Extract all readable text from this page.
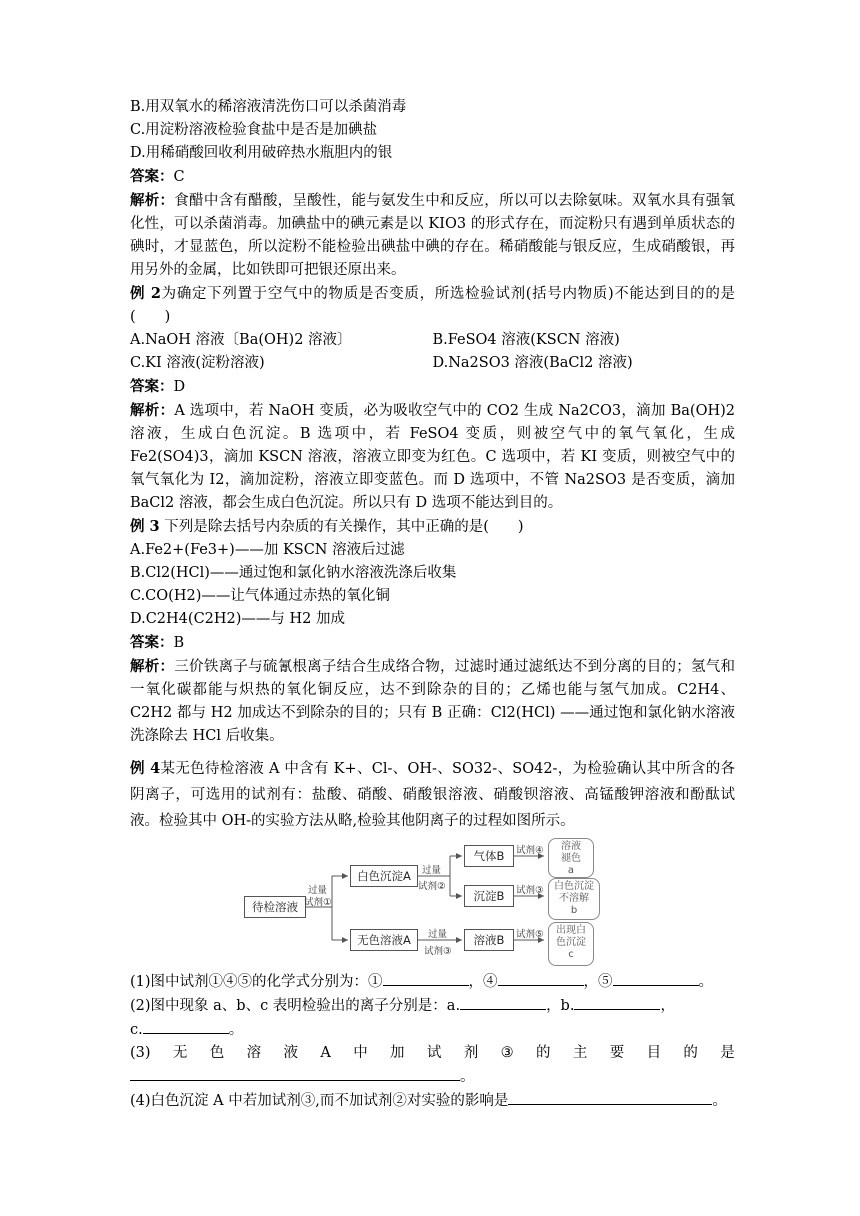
B.用双氧水的稀溶液清洗伤口可以杀菌消毒
C.用淀粉溶液检验食盐中是否是加碘盐
D.用稀硝酸回收利用破碎热水瓶胆内的银
答案：C
解析：食醋中含有醋酸，呈酸性，能与氨发生中和反应，所以可以去除氨味。双氧水具有强氧化性，可以杀菌消毒。加碘盐中的碘元素是以 KIO3 的形式存在，而淀粉只有遇到单质状态的碘时，才显蓝色，所以淀粉不能检验出碘盐中碘的存在。稀硝酸能与银反应，生成硝酸银，再用另外的金属，比如铁即可把银还原出来。
例 2为确定下列置于空气中的物质是否变质，所选检验试剂(括号内物质)不能达到目的的是(　　)
A.NaOH 溶液〔Ba(OH)2 溶液〕	B.FeSO4 溶液(KSCN 溶液)
C.KI 溶液(淀粉溶液)	D.Na2SO3 溶液(BaCl2 溶液)
答案：D
解析：A 选项中，若 NaOH 变质，必为吸收空气中的 CO2 生成 Na2CO3，滴加 Ba(OH)2 溶液，生成白色沉淀。B 选项中，若 FeSO4 变质，则被空气中的氧气氧化，生成 Fe2(SO4)3，滴加 KSCN 溶液，溶液立即变为红色。C 选项中，若 KI 变质，则被空气中的氧气氧化为 I2，滴加淀粉，溶液立即变蓝色。而 D 选项中，不管 Na2SO3 是否变质，滴加 BaCl2 溶液，都会生成白色沉淀。所以只有 D 选项不能达到目的。
例 3 下列是除去括号内杂质的有关操作，其中正确的是(　　)
A.Fe2+(Fe3+)——加 KSCN 溶液后过滤
B.Cl2(HCl)——通过饱和氯化钠水溶液洗涤后收集
C.CO(H2)——让气体通过赤热的氧化铜
D.C2H4(C2H2)——与 H2 加成
答案：B
解析：三价铁离子与硫氰根离子结合生成络合物，过滤时通过滤纸达不到分离的目的；氢气和一氧化碳都能与炽热的氧化铜反应，达不到除杂的目的；乙烯也能与氢气加成。C2H4、C2H2 都与 H2 加成达不到除杂的目的；只有 B 正确：Cl2(HCl) ——通过饱和氯化钠水溶液洗涤除去 HCl 后收集。
例 4某无色待检溶液 A 中含有 K+、Cl-、OH-、SO32-、SO42-，为检验确认其中所含的各阴离子，可选用的试剂有：盐酸、硝酸、硝酸银溶液、硝酸钡溶液、高锰酸钾溶液和酚酞试液。检验其中 OH-的实验方法从略,检验其他阴离子的过程如图所示。
待检溶液
过量
试剂①
白色沉淀A
无色溶液A
过量
试剂②
气体B
沉淀B
溶液B
试剂④
试剂③
试剂⑤
过量
试剂③
溶液
褪色
a
白色沉淀
不溶解
b
出现白
色沉淀
c
(1)图中试剂①④⑤的化学式分别为：①	，④	，⑤	。
(2)图中现象 a、b、c 表明检验出的离子分别是：a.	，b.	，
c.	。
(3) 无 色 溶 液 A 中 加 试 剂 ③ 的 主 要 目 的 是
。
(4)白色沉淀 A 中若加试剂③,而不加试剂②对实验的影响是	。
